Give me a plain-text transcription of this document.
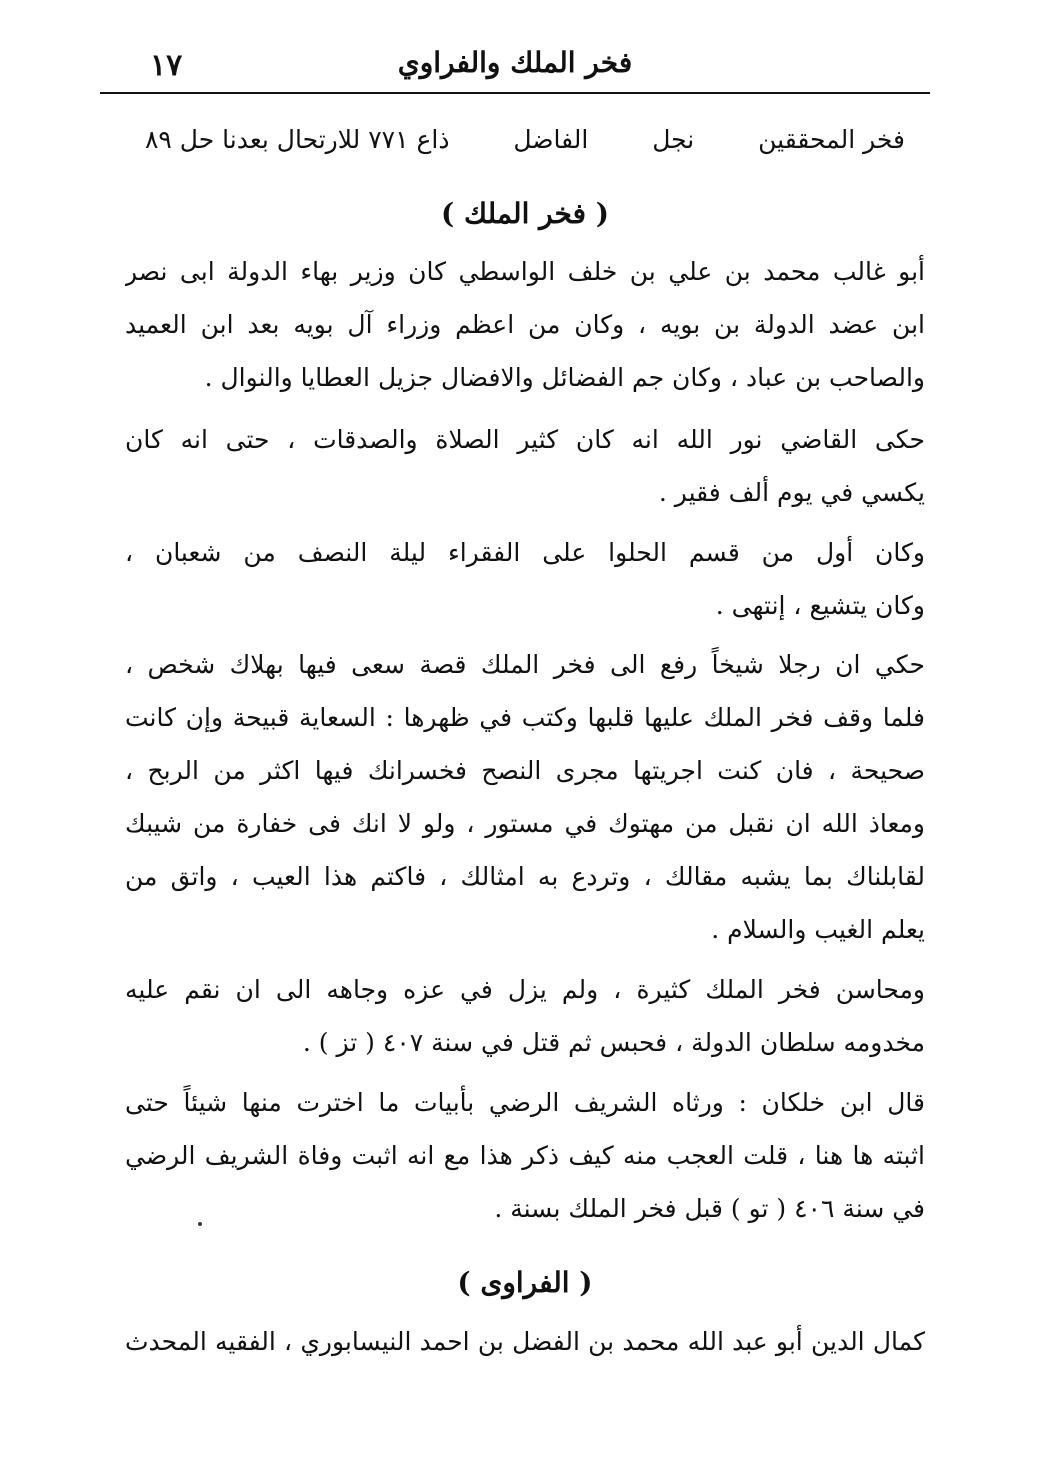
١٧	فخر الملك والفراوي
فخر المحققين
نجل
الفاضل
ذاع ٧٧١ للارتحال بعدنا حل ٨٩
( فخر الملك )
أبو غالب محمد بن علي بن خلف الواسطي كان وزير بهاء الدولة ابى نصر
ابن عضد الدولة بن بويه ، وكان من اعظم وزراء آل بويه بعد ابن العميد
والصاحب بن عباد ، وكان جم الفضائل والافضال جزيل العطايا والنوال .
حكى القاضي نور الله انه كان كثير الصلاة والصدقات ، حتى انه كان
يكسي في يوم ألف فقير .
وكان أول من قسم الحلوا على الفقراء ليلة النصف من شعبان ،
وكان يتشيع ، إنتهى .
حكي ان رجلا شيخاً رفع الى فخر الملك قصة سعى فيها بهلاك شخص ،
فلما وقف فخر الملك عليها قلبها وكتب في ظهرها : السعاية قبيحة وإن كانت
صحيحة ، فان كنت اجريتها مجرى النصح فخسرانك فيها اكثر من الربح ،
ومعاذ الله ان نقبل من مهتوك في مستور ، ولو لا انك فى خفارة من شيبك
لقابلناك بما يشبه مقالك ، وتردع به امثالك ، فاكتم هذا العيب ، واتق من
يعلم الغيب والسلام .
ومحاسن فخر الملك كثيرة ، ولم يزل في عزه وجاهه الى ان نقم عليه
مخدومه سلطان الدولة ، فحبس ثم قتل في سنة ٤٠٧ ( تز ) .
قال ابن خلكان : ورثاه الشريف الرضي بأبيات ما اخترت منها شيئاً حتى
اثبته ها هنا ، قلت العجب منه كيف ذكر هذا مع انه اثبت وفاة الشريف الرضي
في سنة ٤٠٦ ( تو ) قبل فخر الملك بسنة .
( الفراوى )
كمال الدين أبو عبد الله محمد بن الفضل بن احمد النيسابوري ، الفقيه المحدث
